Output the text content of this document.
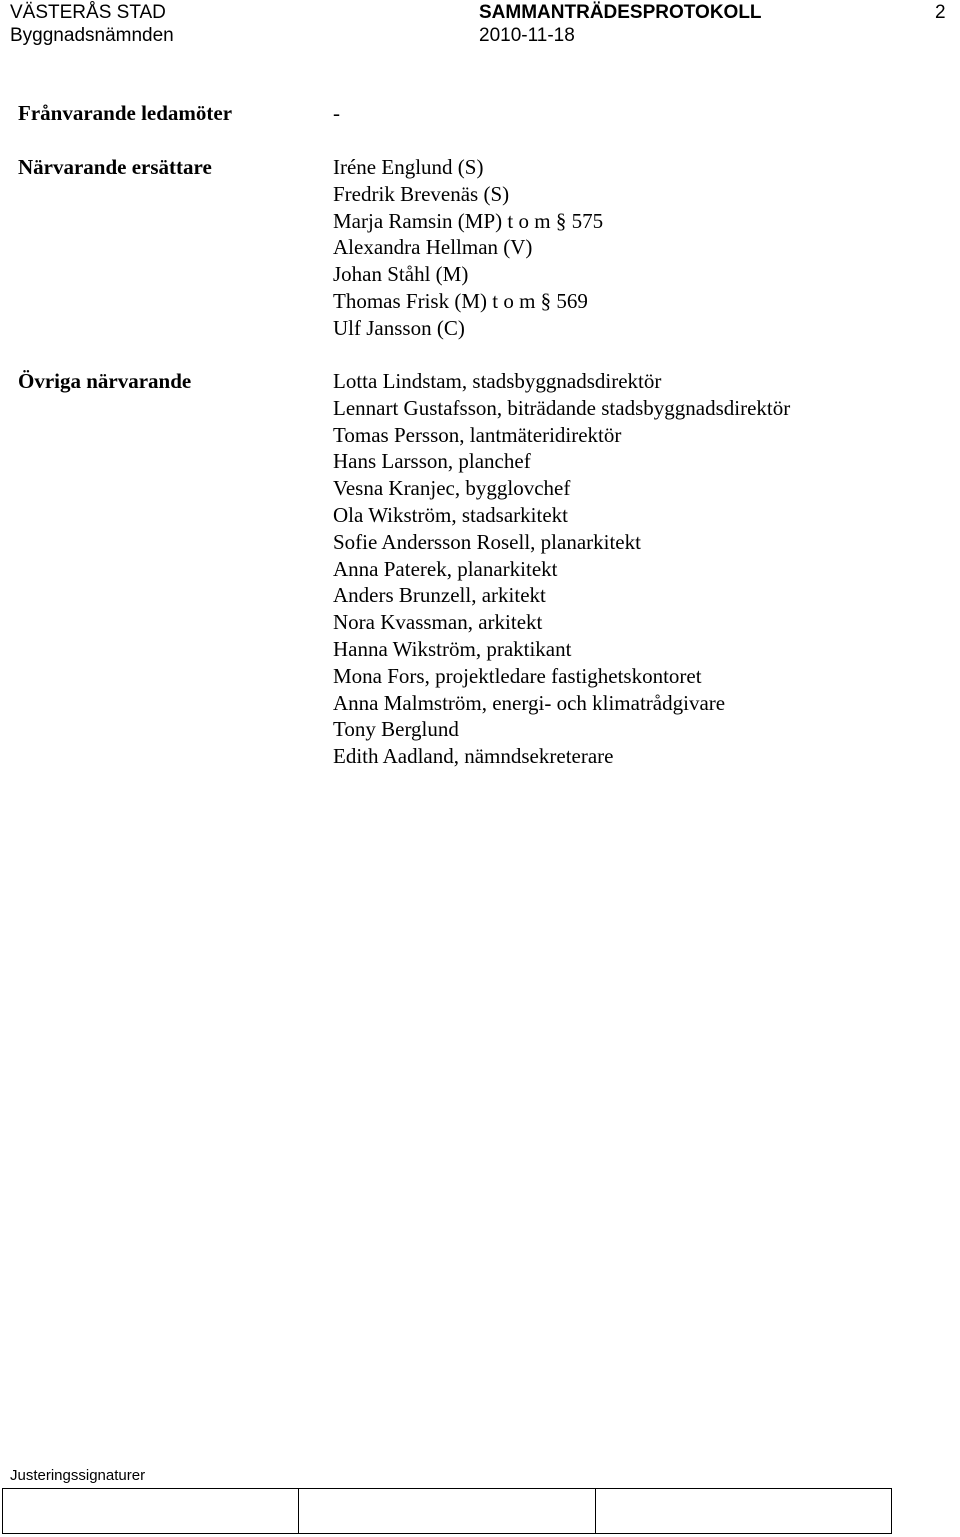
VÄSTERÅS STAD
Byggnadsnämnden
SAMMANTRÄDESPROTOKOLL
2010-11-18
2
Frånvarande ledamöter	-
Närvarande ersättare	Iréne Englund (S)
Fredrik Brevenäs (S)
Marja Ramsin (MP) t o m § 575
Alexandra Hellman (V)
Johan Ståhl (M)
Thomas Frisk (M) t o m § 569
Ulf Jansson (C)
Övriga närvarande	Lotta Lindstam, stadsbyggnadsdirektör
Lennart Gustafsson, biträdande stadsbyggnadsdirektör
Tomas Persson, lantmäteridirektör
Hans Larsson, planchef
Vesna Kranjec, bygglovchef
Ola Wikström, stadsarkitekt
Sofie Andersson Rosell, planarkitekt
Anna Paterek, planarkitekt
Anders Brunzell, arkitekt
Nora Kvassman, arkitekt
Hanna Wikström, praktikant
Mona Fors, projektledare fastighetskontoret
Anna Malmström, energi- och klimatrådgivare
Tony Berglund
Edith Aadland, nämndsekreterare
Justeringssignaturer
